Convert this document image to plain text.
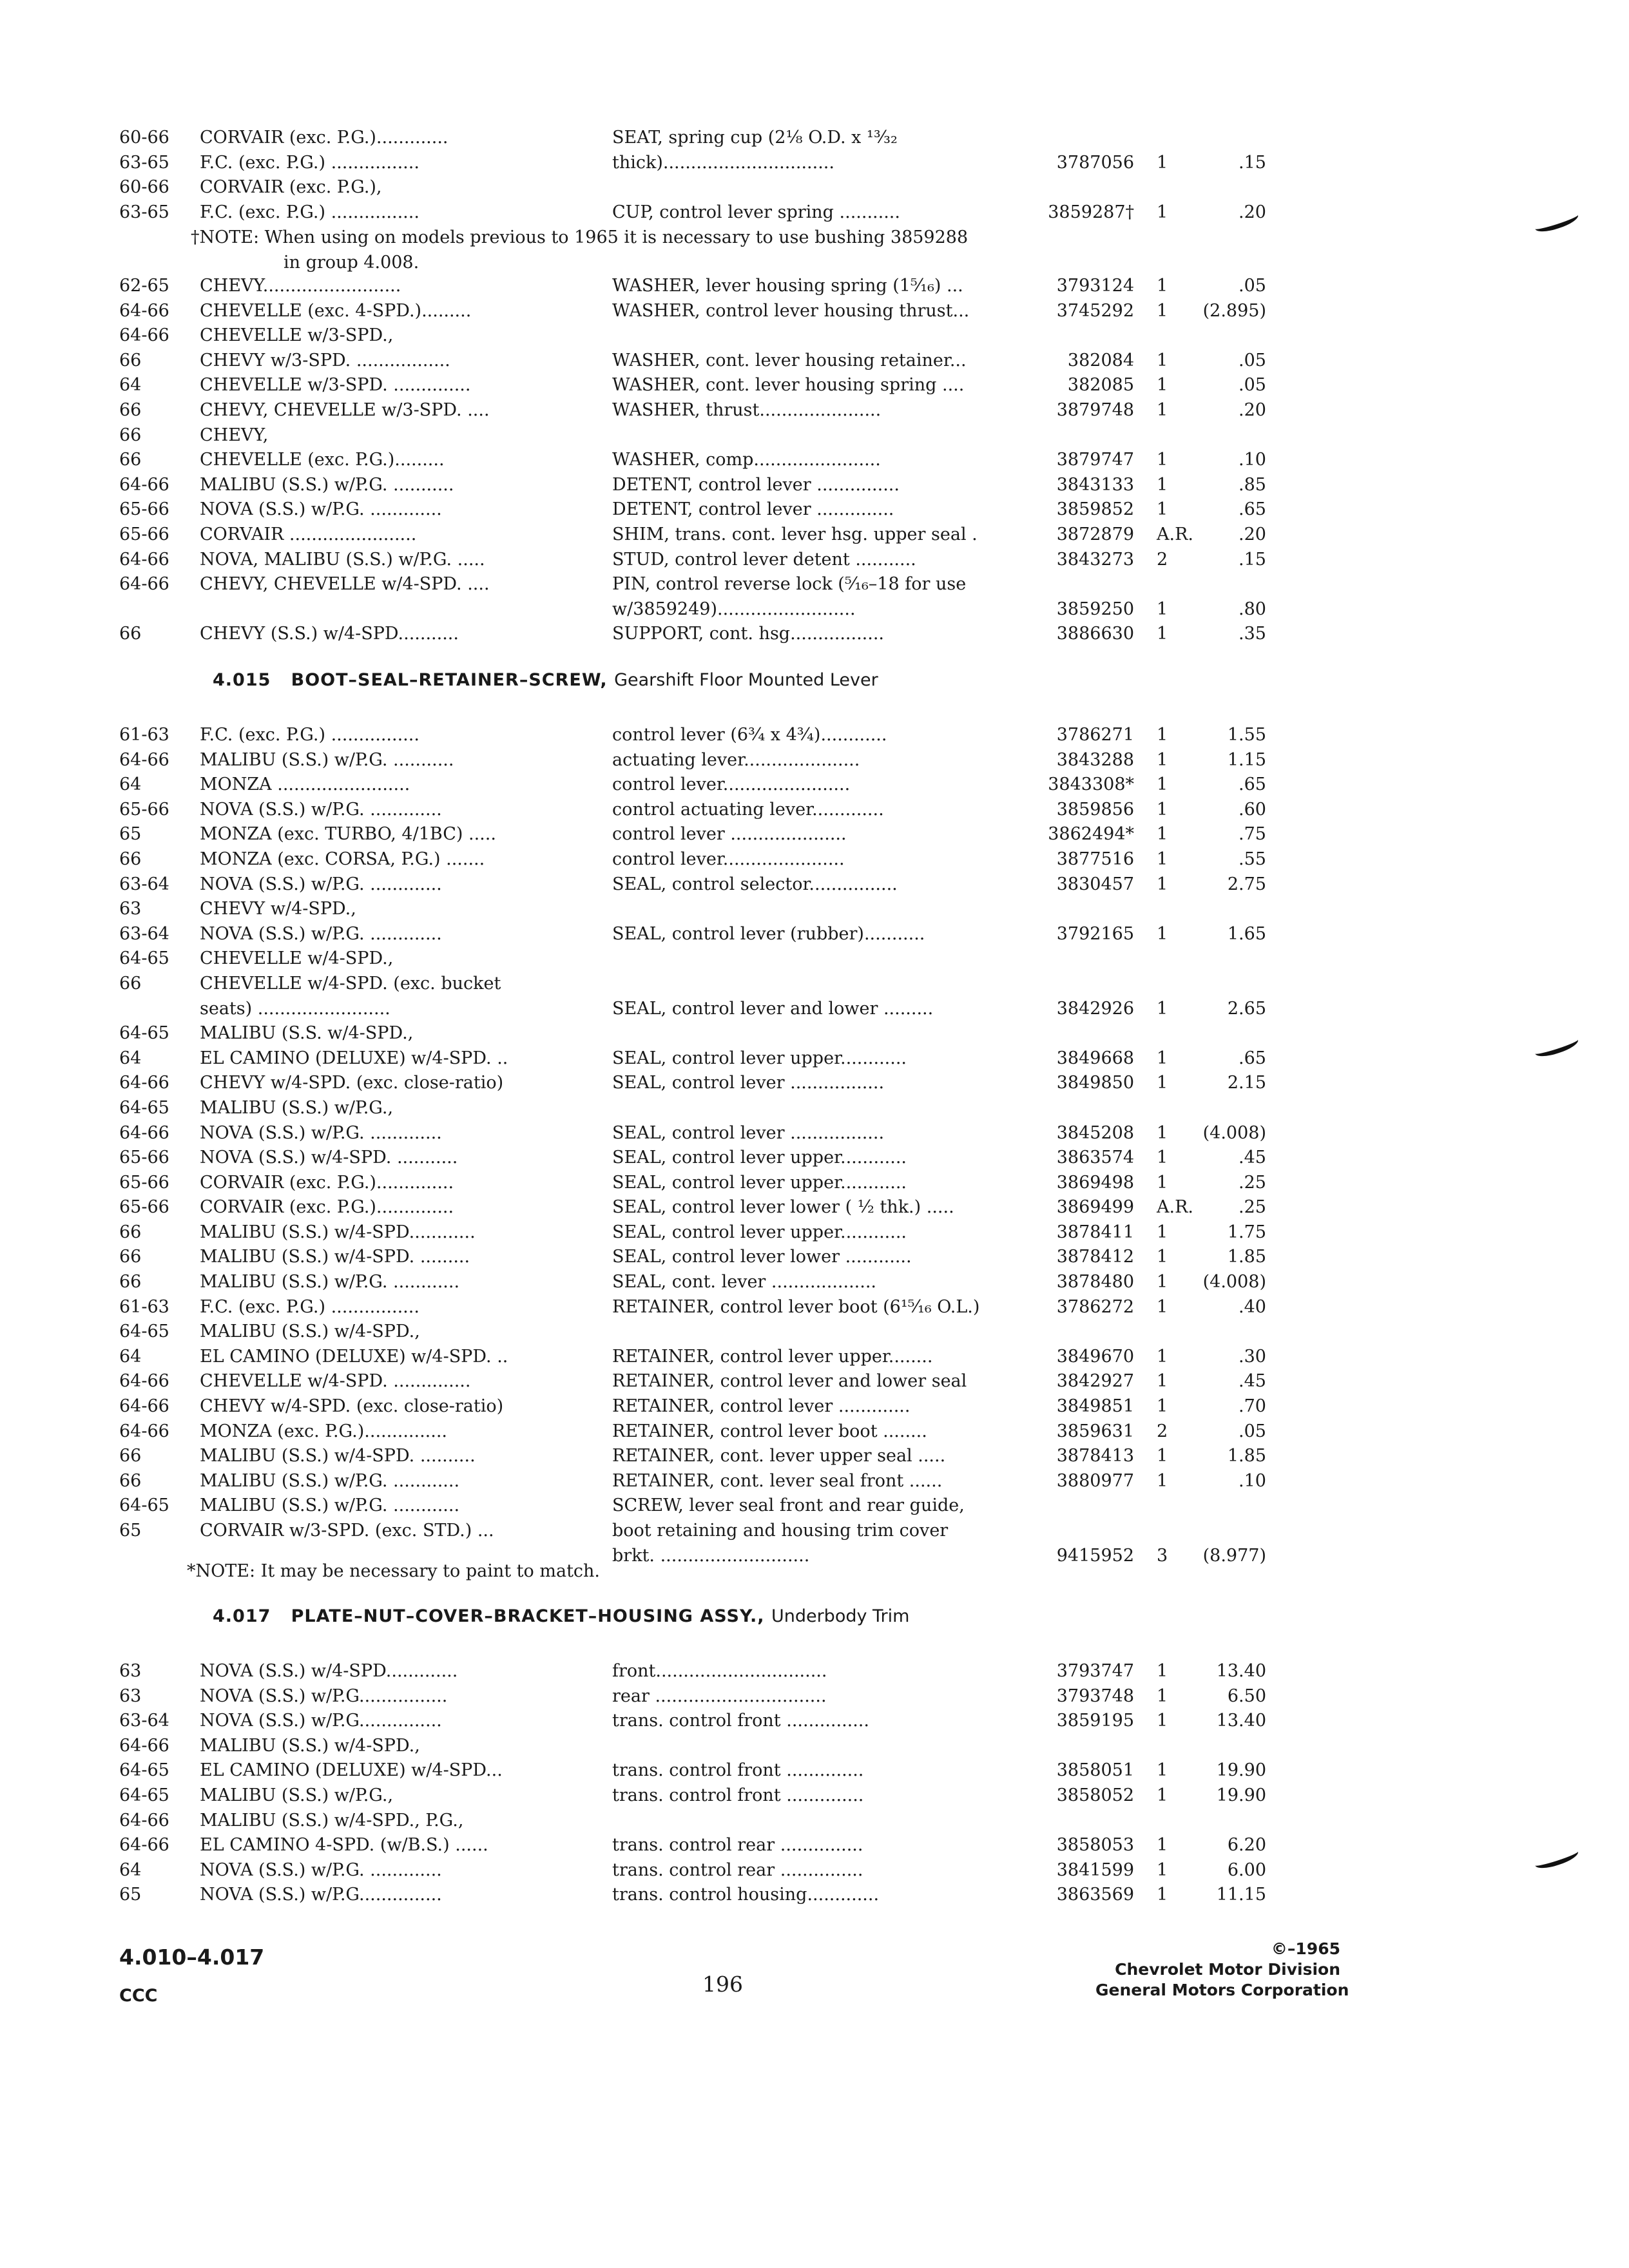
60-66 CORVAIR (exc. P.G.).............	SEAT, spring cup (2¹⁄₈ O.D. x ¹³⁄₃₂
63-65 F.C. (exc. P.G.) ................	thick)...............................	3787056 1	.15
60-66 CORVAIR (exc. P.G.),
63-65 F.C. (exc. P.G.) ................	CUP, control lever spring ...........	3859287† 1	.20
†NOTE: When using on models previous to 1965 it is necessary to use bushing 3859288
in group 4.008.
62-65 CHEVY.........................	WASHER, lever housing spring (1⁵⁄₁₆) ...	3793124 1	.05
64-66 CHEVELLE (exc. 4-SPD.).........	WASHER, control lever housing thrust...	3745292 1	(2.895)
64-66 CHEVELLE w/3-SPD.,
66	CHEVY w/3-SPD. .................	WASHER, cont. lever housing retainer...	382084 1	.05
64	CHEVELLE w/3-SPD. ..............	WASHER, cont. lever housing spring ....	382085 1	.05
66	CHEVY, CHEVELLE w/3-SPD. ....	WASHER, thrust......................	3879748 1	.20
66	CHEVY,
66	CHEVELLE (exc. P.G.).........	WASHER, comp.......................	3879747 1	.10
64-66 MALIBU (S.S.) w/P.G. ...........	DETENT, control lever ...............	3843133 1	.85
65-66 NOVA (S.S.) w/P.G. .............	DETENT, control lever ..............	3859852 1	.65
65-66 CORVAIR .......................	SHIM, trans. cont. lever hsg. upper seal .	3872879 A.R.	.20
64-66 NOVA, MALIBU (S.S.) w/P.G. .....	STUD, control lever detent ...........	3843273 2	.15
64-66 CHEVY, CHEVELLE w/4-SPD. ....	PIN, control reverse lock (⁵⁄₁₆–18 for use
w/3859249).........................	3859250 1	.80
66	CHEVY (S.S.) w/4-SPD...........	SUPPORT, cont. hsg.................	3886630 1	.35
4.015 BOOT–SEAL–RETAINER–SCREW, Gearshift Floor Mounted Lever
61-63 F.C. (exc. P.G.) ................	control lever (6³⁄₄ x 4³⁄₄)............	3786271 1	1.55
64-66 MALIBU (S.S.) w/P.G. ...........	actuating lever.....................	3843288 1	1.15
64	MONZA ........................	control lever.......................	3843308* 1	.65
65-66 NOVA (S.S.) w/P.G. .............	control actuating lever.............	3859856 1	.60
65	MONZA (exc. TURBO, 4/1BC) .....	control lever .....................	3862494* 1	.75
66	MONZA (exc. CORSA, P.G.) .......	control lever......................	3877516 1	.55
63-64 NOVA (S.S.) w/P.G. .............	SEAL, control selector................	3830457 1	2.75
63	CHEVY w/4-SPD.,
63-64 NOVA (S.S.) w/P.G. .............	SEAL, control lever (rubber)...........	3792165 1	1.65
64-65 CHEVELLE w/4-SPD.,
66	CHEVELLE w/4-SPD. (exc. bucket
seats) ........................	SEAL, control lever and lower .........	3842926 1	2.65
64-65 MALIBU (S.S. w/4-SPD.,
64	EL CAMINO (DELUXE) w/4-SPD. ..	SEAL, control lever upper............	3849668 1	.65
64-66 CHEVY w/4-SPD. (exc. close-ratio)	SEAL, control lever .................	3849850 1	2.15
64-65 MALIBU (S.S.) w/P.G.,
64-66 NOVA (S.S.) w/P.G. .............	SEAL, control lever .................	3845208 1	(4.008)
65-66 NOVA (S.S.) w/4-SPD. ...........	SEAL, control lever upper............	3863574 1	.45
65-66 CORVAIR (exc. P.G.)..............	SEAL, control lever upper............	3869498 1	.25
65-66 CORVAIR (exc. P.G.)..............	SEAL, control lever lower ( ¹⁄₂ thk.) .....	3869499 A.R.	.25
66	MALIBU (S.S.) w/4-SPD............	SEAL, control lever upper............	3878411 1	1.75
66	MALIBU (S.S.) w/4-SPD. .........	SEAL, control lever lower ............	3878412 1	1.85
66	MALIBU (S.S.) w/P.G. ............	SEAL, cont. lever ...................	3878480 1	(4.008)
61-63 F.C. (exc. P.G.) ................	RETAINER, control lever boot (6¹⁵⁄₁₆ O.L.)	3786272 1	.40
64-65 MALIBU (S.S.) w/4-SPD.,
64	EL CAMINO (DELUXE) w/4-SPD. ..	RETAINER, control lever upper........	3849670 1	.30
64-66 CHEVELLE w/4-SPD. ..............	RETAINER, control lever and lower seal	3842927 1	.45
64-66 CHEVY w/4-SPD. (exc. close-ratio)	RETAINER, control lever .............	3849851 1	.70
64-66 MONZA (exc. P.G.)...............	RETAINER, control lever boot ........	3859631 2	.05
66	MALIBU (S.S.) w/4-SPD. ..........	RETAINER, cont. lever upper seal .....	3878413 1	1.85
66	MALIBU (S.S.) w/P.G. ............	RETAINER, cont. lever seal front ......	3880977 1	.10
64-65 MALIBU (S.S.) w/P.G. ............	SCREW, lever seal front and rear guide,
65	CORVAIR w/3-SPD. (exc. STD.) ...	boot retaining and housing trim cover
brkt. ...........................	9415952 3	(8.977)
*NOTE: It may be necessary to paint to match.
4.017 PLATE–NUT–COVER–BRACKET–HOUSING ASSY., Underbody Trim
63	NOVA (S.S.) w/4-SPD.............	front...............................	3793747 1	13.40
63	NOVA (S.S.) w/P.G................	rear ...............................	3793748 1	6.50
63-64 NOVA (S.S.) w/P.G...............	trans. control front ...............	3859195 1	13.40
64-66 MALIBU (S.S.) w/4-SPD.,
64-65 EL CAMINO (DELUXE) w/4-SPD...	trans. control front ..............	3858051 1	19.90
64-65 MALIBU (S.S.) w/P.G.,	trans. control front ..............	3858052 1	19.90
64-66 MALIBU (S.S.) w/4-SPD., P.G.,
64-66 EL CAMINO 4-SPD. (w/B.S.) ......	trans. control rear ...............	3858053 1	6.20
64	NOVA (S.S.) w/P.G. .............	trans. control rear ...............	3841599 1	6.00
65	NOVA (S.S.) w/P.G...............	trans. control housing.............	3863569 1	11.15
4.010–4.017
CCC	196
©–1965
Chevrolet Motor Division
General Motors Corporation
